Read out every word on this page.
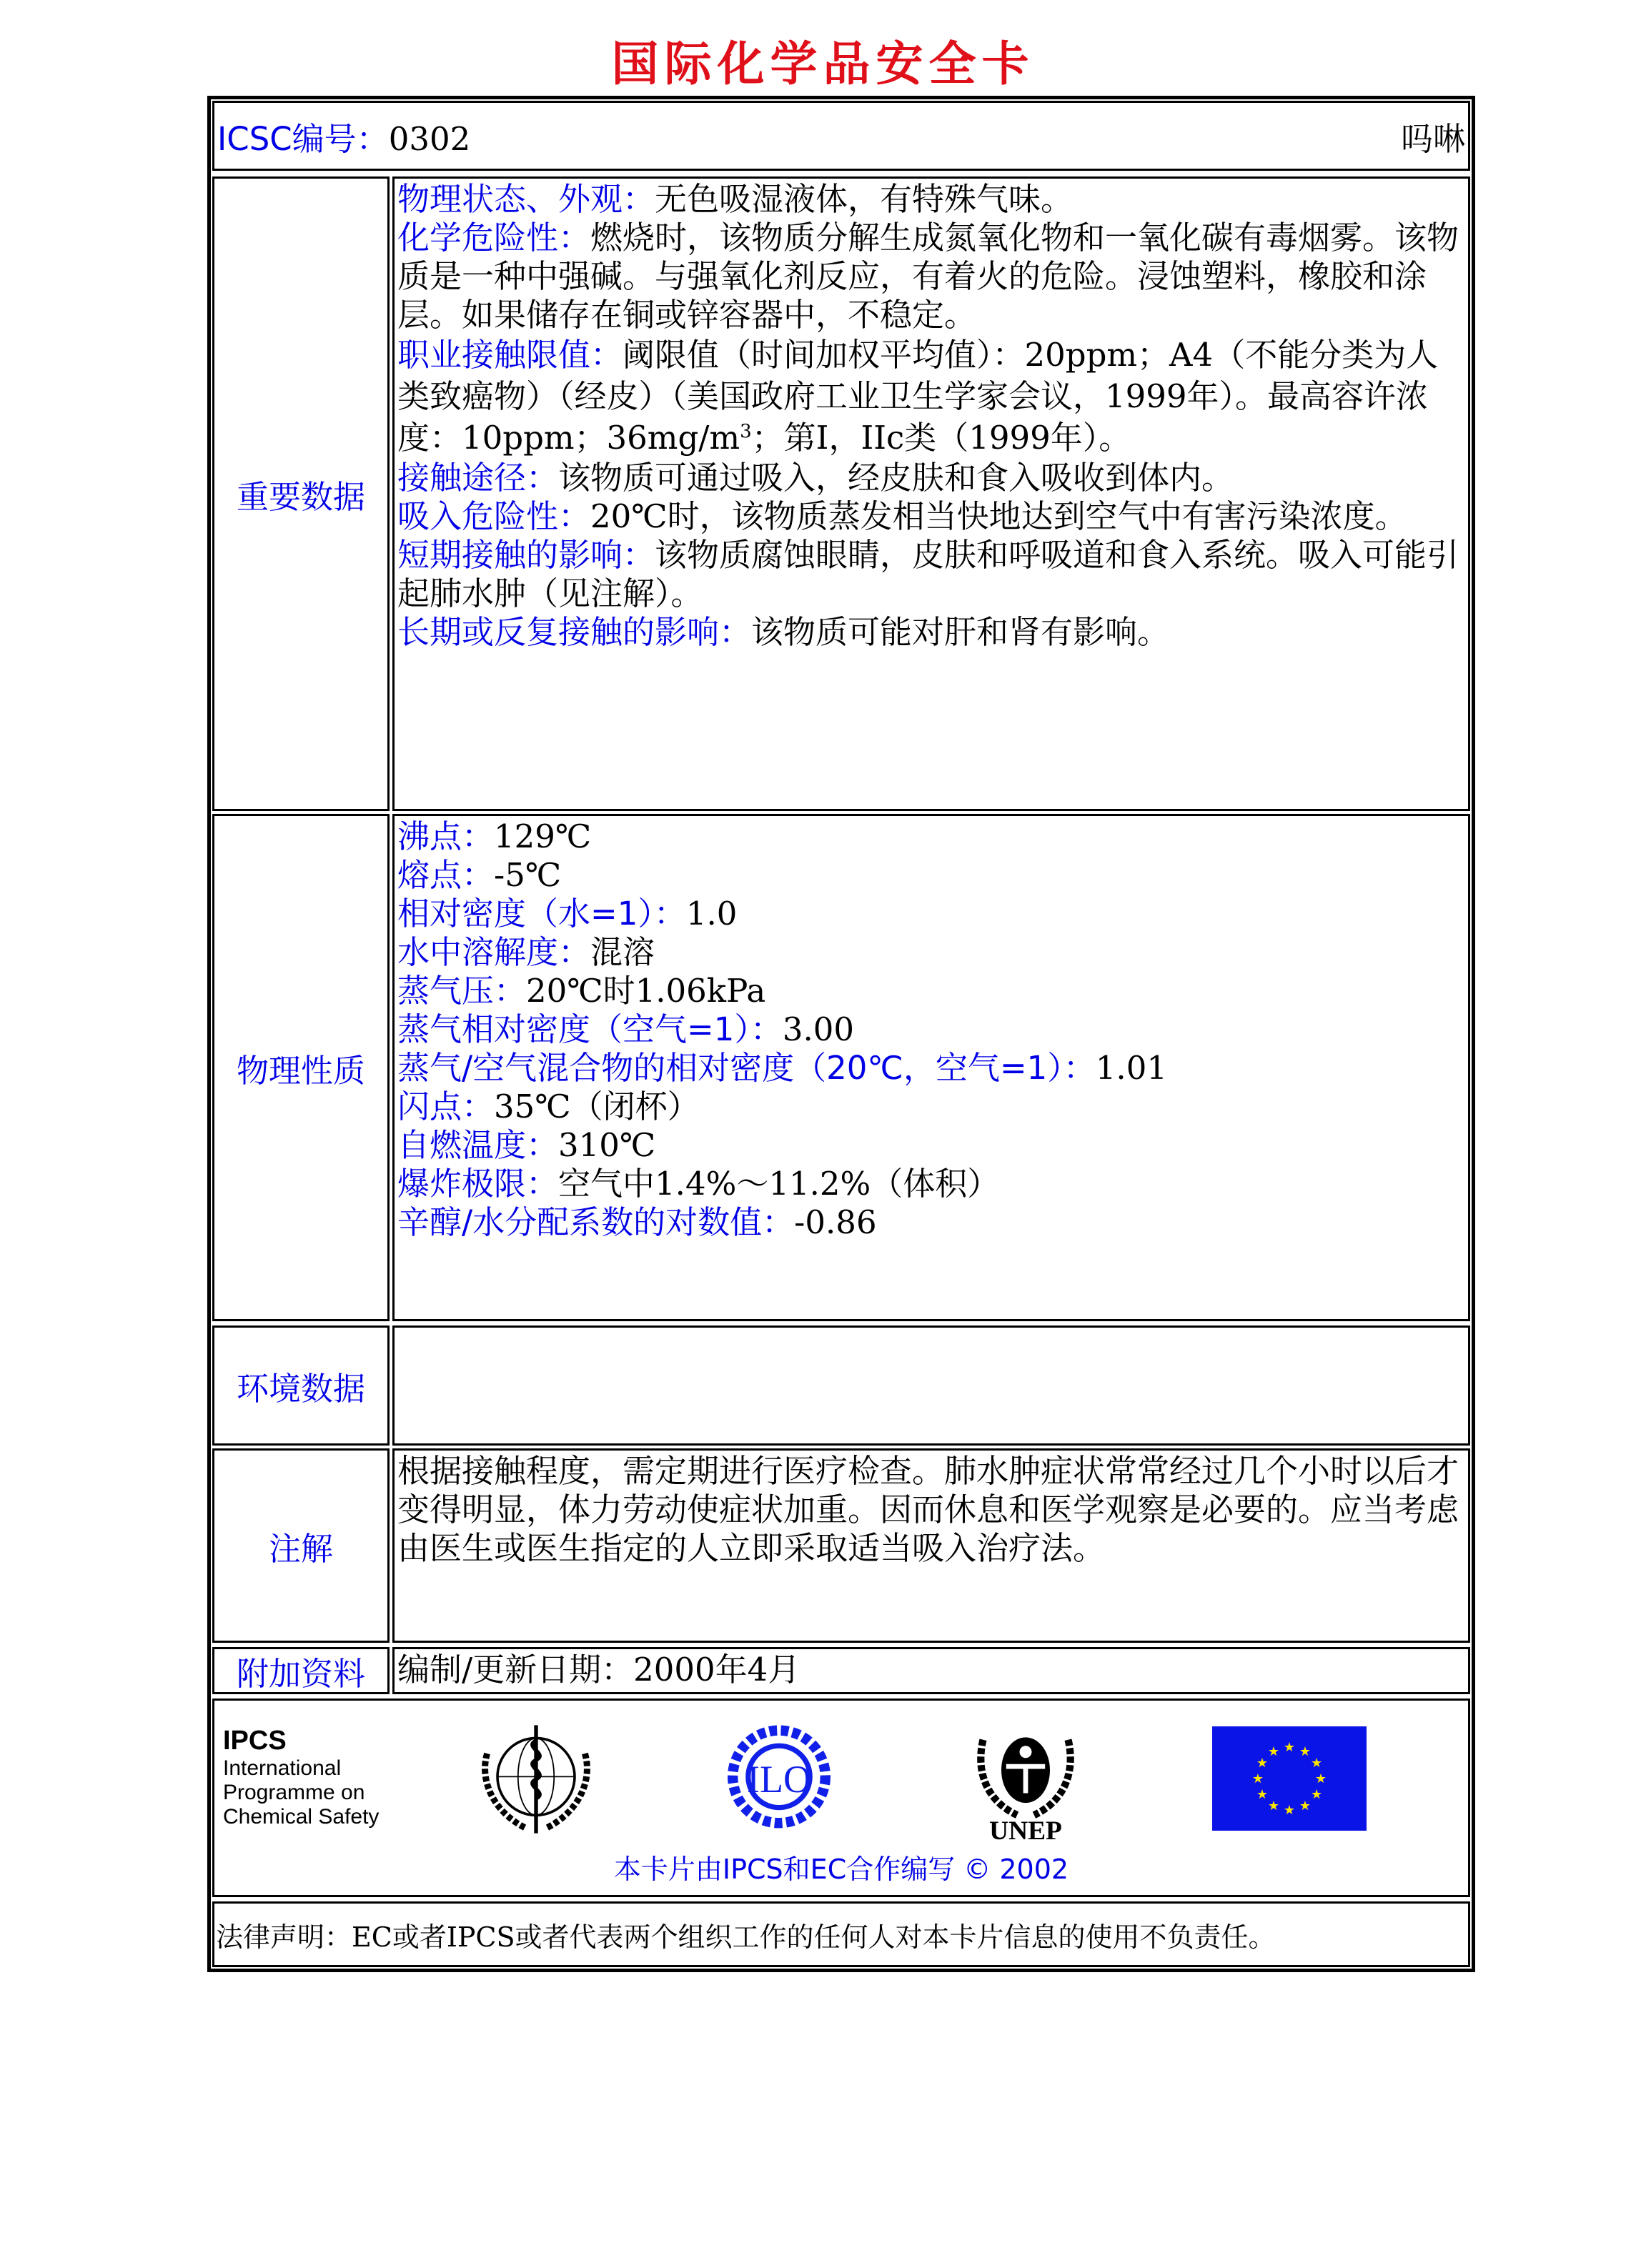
国际化学品安全卡
ICSC编号：0302	吗啉
重要数据
物理状态、外观：无色吸湿液体，有特殊气味。
化学危险性：燃烧时，该物质分解生成氮氧化物和一氧化碳有毒烟雾。该物质是一种中强碱。与强氧化剂反应，有着火的危险。浸蚀塑料，橡胶和涂层。如果储存在铜或锌容器中，不稳定。
职业接触限值：阈限值（时间加权平均值）：20ppm；A4（不能分类为人类致癌物）（经皮）（美国政府工业卫生学家会议，1999年）。最高容许浓度：10ppm；$36mg/m^3$；第I，IIc类（1999年）。
接触途径：该物质可通过吸入，经皮肤和食入吸收到体内。
吸入危险性：20℃时，该物质蒸发相当快地达到空气中有害污染浓度。
短期接触的影响：该物质腐蚀眼睛，皮肤和呼吸道和食入系统。吸入可能引起肺水肿（见注解）。
长期或反复接触的影响：该物质可能对肝和肾有影响。
物理性质
沸点：129℃
熔点：-5℃
相对密度（水=1）：1.0
水中溶解度：混溶
蒸气压：20℃时1.06kPa
蒸气相对密度（空气=1）：3.00
蒸气/空气混合物的相对密度（20℃，空气=1）：1.01
闪点：35℃（闭杯）
自燃温度：310℃
爆炸极限：空气中1.4%～11.2%（体积）
辛醇/水分配系数的对数值：-0.86
环境数据
注解
根据接触程度，需定期进行医疗检查。肺水肿症状常常经过几个小时以后才变得明显，体力劳动使症状加重。因而休息和医学观察是必要的。应当考虑由医生或医生指定的人立即采取适当吸入治疗法。
附加资料	编制/更新日期：2000年4月
IPCS
International
Programme on
Chemical Safety
ILO
UNEP
★ ★
★
★
★
★
★
★
★
★
★
★
本卡片由IPCS和EC合作编写 © 2002
法律声明： EC或者IPCS或者代表两个组织工作的任何人对本卡片信息的使用不负责任。
